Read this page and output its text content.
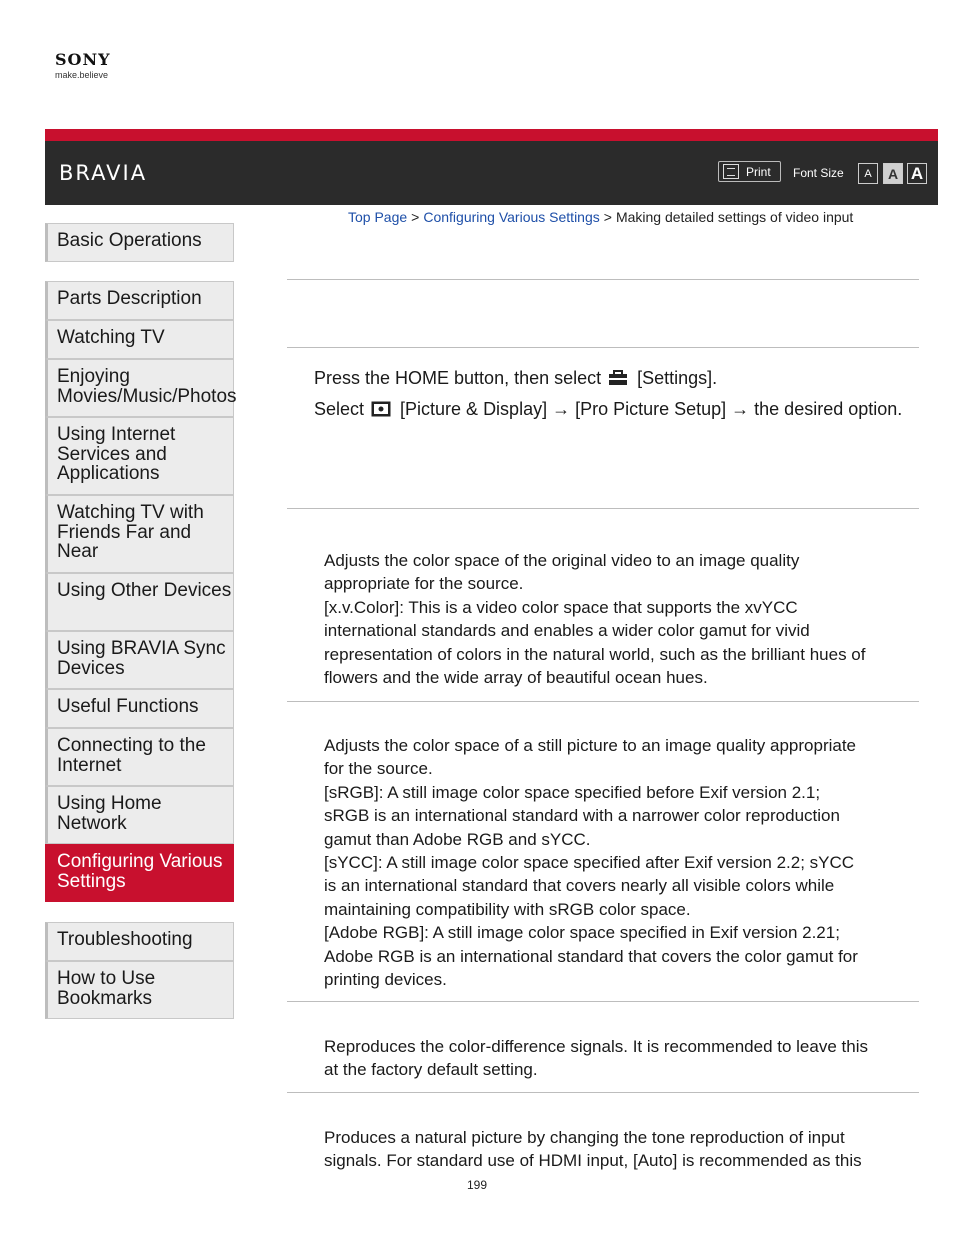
SONY
make.believe
BRAVIA	Print Font Size	A	A A
Top Page > Configuring Various Settings > Making detailed settings of video input
Basic Operations
Parts Description
Watching TV
Enjoying Movies/Music/Photos
Using Internet Services and Applications
Watching TV with Friends Far and Near
Using Other Devices
Using BRAVIA Sync Devices
Useful Functions
Connecting to the Internet
Using Home Network
Configuring Various Settings
Troubleshooting
How to Use Bookmarks
Press the HOME button, then select  [Settings].
Select  [Picture & Display] → [Pro Picture Setup] → the desired option.
Adjusts the color space of the original video to an image quality
appropriate for the source.
[x.v.Color]: This is a video color space that supports the xvYCC
international standards and enables a wider color gamut for vivid
representation of colors in the natural world, such as the brilliant hues of
flowers and the wide array of beautiful ocean hues.
Adjusts the color space of a still picture to an image quality appropriate
for the source.
[sRGB]: A still image color space specified before Exif version 2.1;
sRGB is an international standard with a narrower color reproduction
gamut than Adobe RGB and sYCC.
[sYCC]: A still image color space specified after Exif version 2.2; sYCC
is an international standard that covers nearly all visible colors while
maintaining compatibility with sRGB color space.
[Adobe RGB]: A still image color space specified in Exif version 2.21;
Adobe RGB is an international standard that covers the color gamut for
printing devices.
Reproduces the color-difference signals. It is recommended to leave this
at the factory default setting.
Produces a natural picture by changing the tone reproduction of input
signals. For standard use of HDMI input, [Auto] is recommended as this
199
